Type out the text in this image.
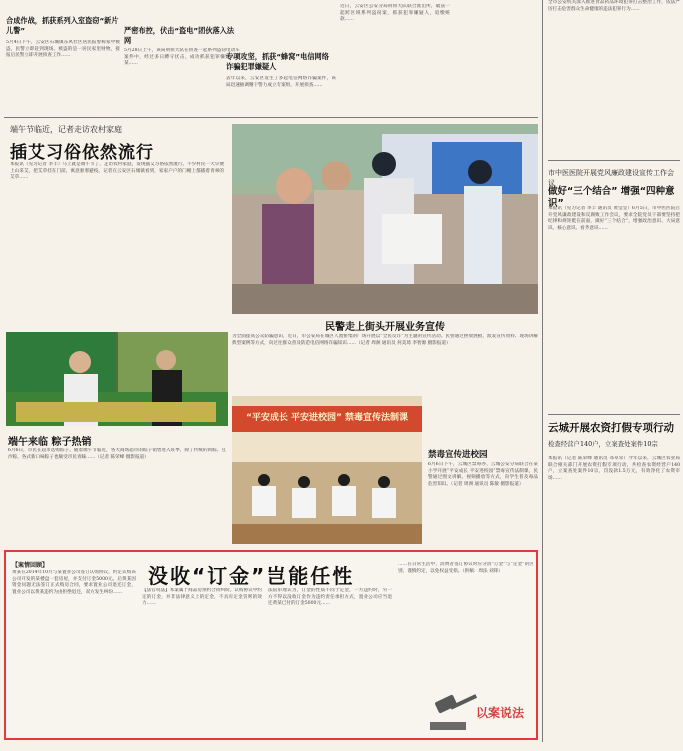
合成作战，抓获系列入室盗窃“新片儿警”
5月4日下午，云安区石城镇东风社区居民报警称家中被盗，民警立即赶到现场。被盗的是一居民家里财物，接报后民警立即开展侦查工作……
严密布控，伏击“盗电”团伙落入法网
5月28日上午，该局刑侦大队在侦查一起系列盗窃电动车案件中，经过多日蹲守伏击，成功抓获犯罪嫌疑人刘某……
专项攻坚，抓获“蜂窝”电信网络诈骗犯罪嫌疑人
去年以来，云安区发生了多起电信网络诈骗案件，该局迅速抽调精干警力成立专案组，开展侦查……
近日，云安区公安分局刑侦大队联合派出所，破获一起跨区域系列盗窃案，抓获犯罪嫌疑人，追缴赃款……
端午节临近，记者走访农村家庭
插艾习俗依然流行
本报讯（见习记者 李丰）马上就是端午节了，走访农村家庭，发现插艾习俗依然流行。不少村民一大早便上山采艾，把艾草挂在门前，寓意驱邪避疫。记者在云安区石城镇看到，家家户户的门楣上都插着青翠的艾草……
民警走上街头开展业务宣传
为全面提高公众防骗意识，近日，市公安局在城区人流密集的广场开展以“全民反诈”为主题的宣传活动。民警通过摆放展板、派发宣传资料、现场讲解典型案例等方式，向过往群众普及防范电信网络诈骗知识……（记者 周洲 通讯员 何美琦 李智源 摄影报道）
“平安成长 平安进校园” 禁毒宣传法制课
禁毒宣传进校园
6月6日下午，云城区禁毒办、云城公安分局联合在某小学开展“平安成长 平安进校园”禁毒宣传法制课，民警通过图文讲解、视频播放等方式，向学生普及毒品危害知识。（记者 周洲 通讯员 陈敏 摄影报道）
端午来临 粽子热销
6月6日，市民在超市选购粽子。随着端午节临近，各大商场超市的粽子销售进入旺季，除了传统的肉粽、豆沙粽，各式新口味粽子也颇受市民青睐……（记者 陈荣峰 摄影报道）
全市公安机关深入推进食品药品环境犯罪打击整治工作，依法严厉打击危害群众生命健康的违法犯罪行为……
市中医医院开展党风廉政建设宣传工作会议
做好“三个结合” 增强“四种意识”
本报讯（见习记者 李丰 通讯员 黄莹莹）6月5日，市中医医院召开党风廉政建设和反腐败工作会议，要求全院党员干部要坚持把纪律和规矩挺在前面，做好“三个结合”，增强政治意识、大局意识、核心意识、看齐意识……
云城开展农资打假专项行动
检查经营户140户，立案查处案件10宗
本报讯（记者 陈荣峰 通讯员 邓卓荣）今年以来，云城区农业局联合相关部门开展农资打假专项行动，共检查农资经营户140户，立案查处案件10宗，罚没款1.5万元，有效净化了农资市场……
【案情回顾】	没收“订金”岂能任性
黄某在2014年10月与某置业公司签订认购协议，约定认购该公司开发的某楼盘一套房屋，并支付订金5000元。后黄某因资金问题无法签订正式购房合同，要求置业公司退还订金，置业公司以黄某违约为由拒绝退还，双方发生纠纷……	【法官说法】本案属于商品房预约合同纠纷。认购协议中约定的订金，并非法律意义上的定金，不具有定金罚则的效力……
法院审理认为，订金的性质不同于定金，一方违约时，另一方不得以没收订金作为违约责任承担方式，置业公司应当退还黄某已付的订金5000元……
……在日常生活中，消费者签订协议时应分清“订金”与“定金”的区别，谨慎约定，以免权益受损。（供稿：周法 刘锋）
以案说法
